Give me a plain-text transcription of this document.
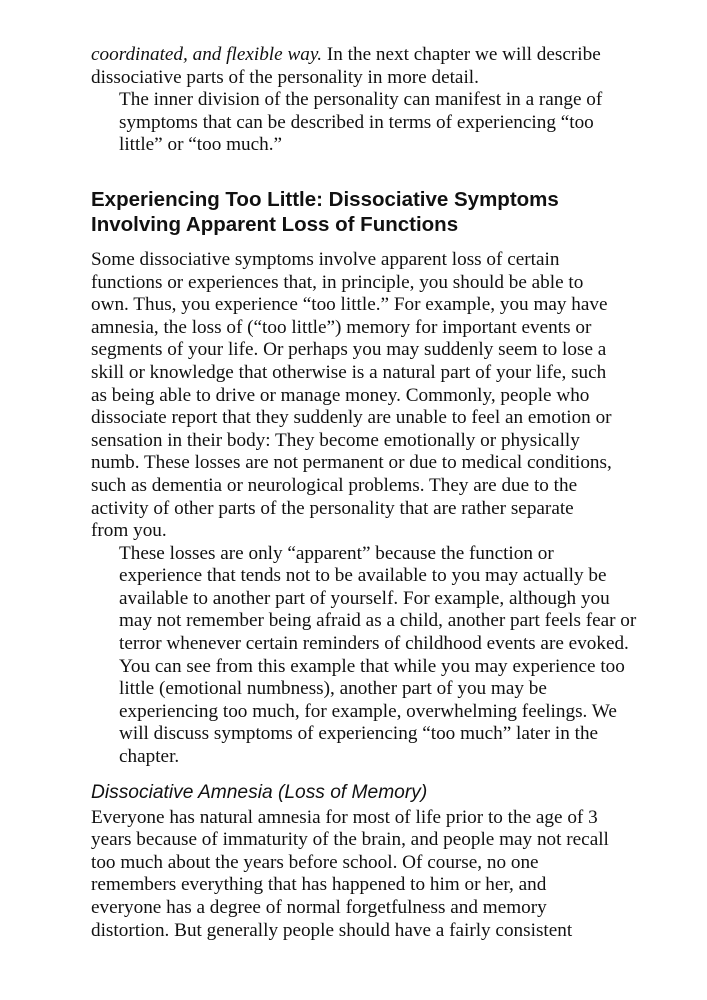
coordinated, and flexible way. In the next chapter we will describe
dissociative parts of the personality in more detail.

The inner division of the personality can manifest in a range of
symptoms that can be described in terms of experiencing “too
little” or “too much.”

Experiencing Too Little: Dissociative Symptoms
Involving Apparent Loss of Functions

Some dissociative symptoms involve apparent loss of certain
functions or experiences that, in principle, you should be able to
own. Thus, you experience “too little.” For example, you may have
amnesia, the loss of (“too little”) memory for important events or
segments of your life. Or perhaps you may suddenly seem to lose a
skill or knowledge that otherwise is a natural part of your life, such
as being able to drive or manage money. Commonly, people who
dissociate report that they suddenly are unable to feel an emotion or
sensation in their body: They become emotionally or physically
numb. These losses are not permanent or due to medical conditions,
such as dementia or neurological problems. They are due to the
activity of other parts of the personality that are rather separate
from you.

These losses are only “apparent” because the function or
experience that tends not to be available to you may actually be
available to another part of yourself. For example, although you
may not remember being afraid as a child, another part feels fear or
terror whenever certain reminders of childhood events are evoked.
You can see from this example that while you may experience too
little (emotional numbness), another part of you may be
experiencing too much, for example, overwhelming feelings. We
will discuss symptoms of experiencing “too much” later in the
chapter.

Dissociative Amnesia (Loss of Memory)

Everyone has natural amnesia for most of life prior to the age of 3
years because of immaturity of the brain, and people may not recall
too much about the years before school. Of course, no one
remembers everything that has happened to him or her, and
everyone has a degree of normal forgetfulness and memory
distortion. But generally people should have a fairly consistent
